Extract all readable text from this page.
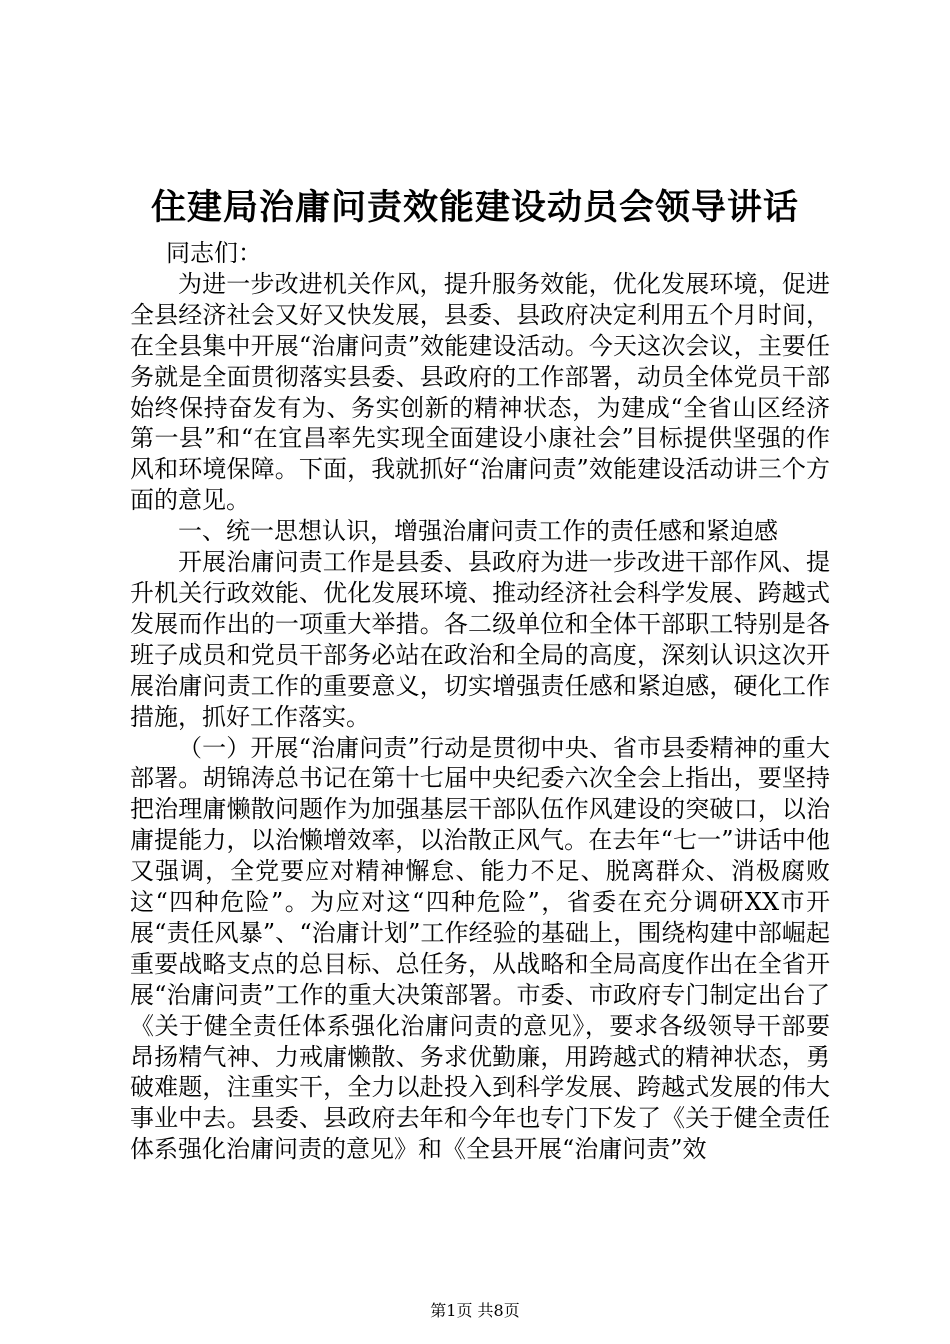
住建局治庸问责效能建设动员会领导讲话

同志们：

为进一步改进机关作风，提升服务效能，优化发展环境，促进全县经济社会又好又快发展，县委、县政府决定利用五个月时间，在全县集中开展“治庸问责”效能建设活动。今天这次会议，主要任务就是全面贯彻落实县委、县政府的工作部署，动员全体党员干部始终保持奋发有为、务实创新的精神状态，为建成“全省山区经济第一县”和“在宜昌率先实现全面建设小康社会”目标提供坚强的作风和环境保障。下面，我就抓好“治庸问责”效能建设活动讲三个方面的意见。

一、统一思想认识，增强治庸问责工作的责任感和紧迫感

开展治庸问责工作是县委、县政府为进一步改进干部作风、提升机关行政效能、优化发展环境、推动经济社会科学发展、跨越式发展而作出的一项重大举措。各二级单位和全体干部职工特别是各班子成员和党员干部务必站在政治和全局的高度，深刻认识这次开展治庸问责工作的重要意义，切实增强责任感和紧迫感，硬化工作措施，抓好工作落实。

（一）开展“治庸问责”行动是贯彻中央、省市县委精神的重大部署。胡锦涛总书记在第十七届中央纪委六次全会上指出，要坚持把治理庸懒散问题作为加强基层干部队伍作风建设的突破口，以治庸提能力，以治懒增效率，以治散正风气。在去年“七一”讲话中他又强调，全党要应对精神懈怠、能力不足、脱离群众、消极腐败这“四种危险”。为应对这“四种危险”，省委在充分调研XX市开展“责任风暴”、“治庸计划”工作经验的基础上，围绕构建中部崛起重要战略支点的总目标、总任务，从战略和全局高度作出在全省开展“治庸问责”工作的重大决策部署。市委、市政府专门制定出台了《关于健全责任体系强化治庸问责的意见》，要求各级领导干部要昂扬精气神、力戒庸懒散、务求优勤廉，用跨越式的精神状态，勇破难题，注重实干，全力以赴投入到科学发展、跨越式发展的伟大事业中去。县委、县政府去年和今年也专门下发了《关于健全责任体系强化治庸问责的意见》和《全县开展“治庸问责”效

第1页 共8页
